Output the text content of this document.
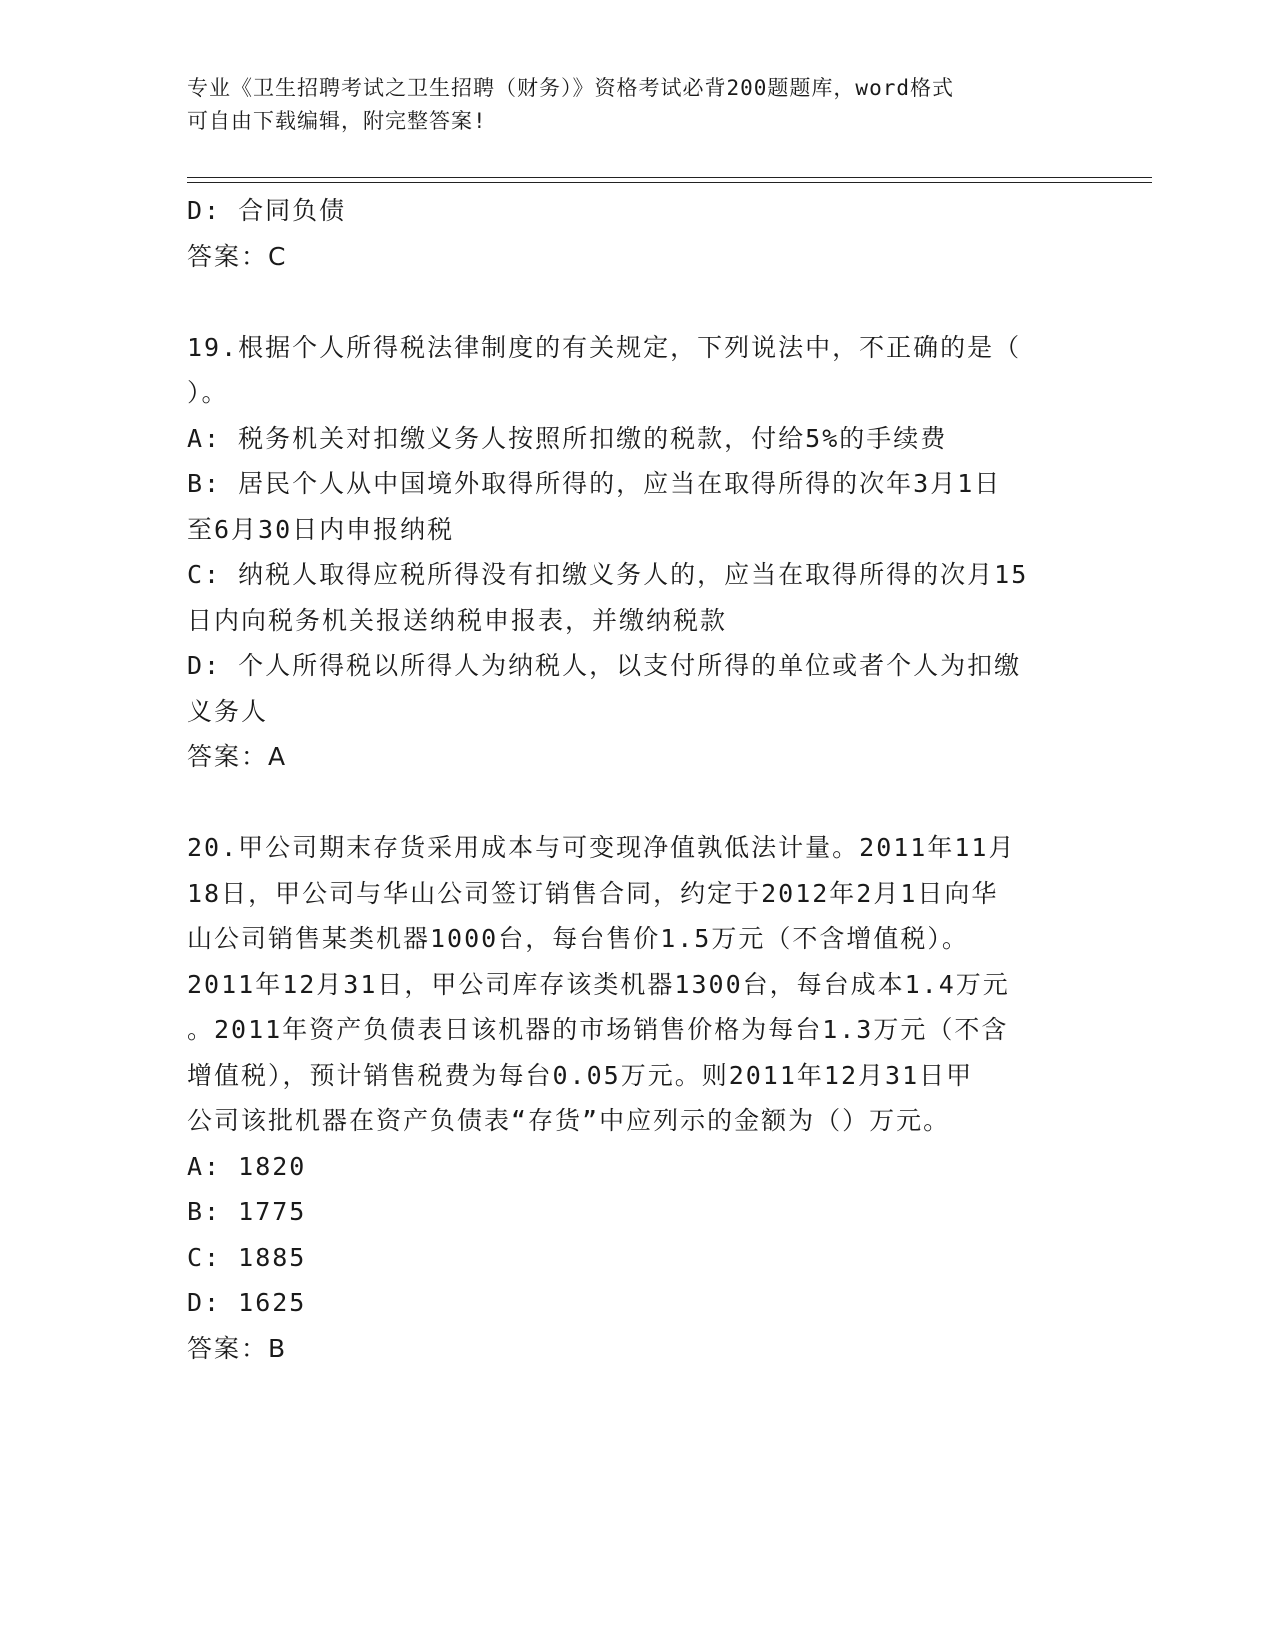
专业《卫生招聘考试之卫生招聘（财务）》资格考试必背200题题库，word格式
可自由下载编辑，附完整答案!
D: 合同负债
答案：C
19.根据个人所得税法律制度的有关规定，下列说法中，不正确的是（
）。
A: 税务机关对扣缴义务人按照所扣缴的税款，付给5%的手续费
B: 居民个人从中国境外取得所得的，应当在取得所得的次年3月1日
至6月30日内申报纳税
C: 纳税人取得应税所得没有扣缴义务人的，应当在取得所得的次月15
日内向税务机关报送纳税申报表，并缴纳税款
D: 个人所得税以所得人为纳税人，以支付所得的单位或者个人为扣缴
义务人
答案：A
20.甲公司期末存货采用成本与可变现净值孰低法计量。2011年11月
18日，甲公司与华山公司签订销售合同，约定于2012年2月1日向华
山公司销售某类机器1000台，每台售价1.5万元（不含增值税）。
2011年12月31日，甲公司库存该类机器1300台，每台成本1.4万元
。2011年资产负债表日该机器的市场销售价格为每台1.3万元（不含
增值税），预计销售税费为每台0.05万元。则2011年12月31日甲
公司该批机器在资产负债表“存货”中应列示的金额为（）万元。
A: 1820
B: 1775
C: 1885
D: 1625
答案：B
